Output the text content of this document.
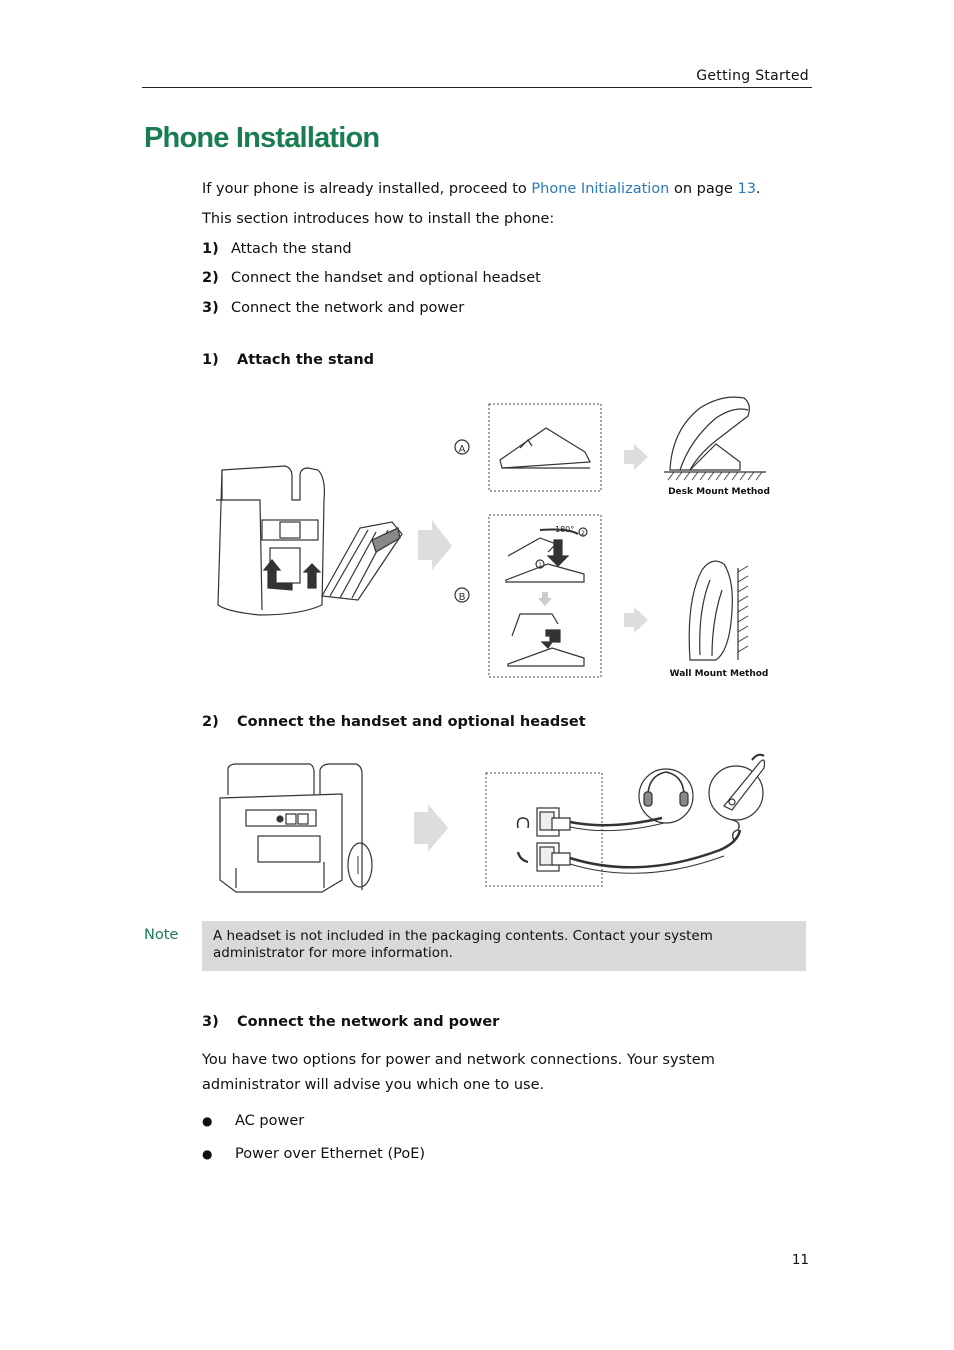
Getting Started
Phone Installation
If your phone is already installed, proceed to Phone Initialization on page 13.
This section introduces how to install the phone:
1) Attach the stand
2) Connect the handset and optional headset
3) Connect the network and power
1) Attach the stand
A
B
180°
1
2
Desk Mount Method
Wall Mount Method
2) Connect the handset and optional headset
Note	A headset is not included in the packaging contents. Contact your system administrator for more information.
3) Connect the network and power
You have two options for power and network connections. Your system administrator will advise you which one to use.
● AC power
● Power over Ethernet (PoE)
11
